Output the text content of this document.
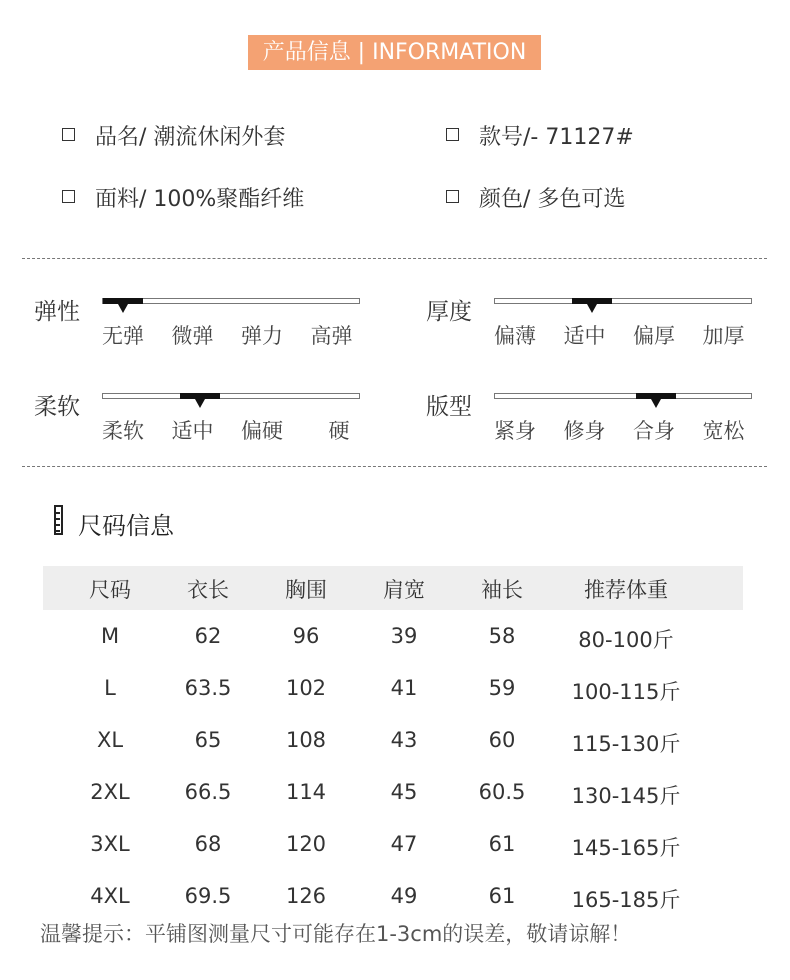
产品信息 | INFORMATION
品名/ 潮流休闲外套	款号/- 71127#
面料/ 100%聚酯纤维	颜色/ 多色可选
弹性
无弹 微弹 弹力 高弹
厚度
偏薄 适中 偏厚 加厚
柔软
柔软 适中 偏硬 硬
版型
紧身 修身 合身 宽松
尺码信息
尺码	衣长	胸围	肩宽	袖长	推荐体重
M	62	96	39	58	80-100斤
L	63.5	102	41	59	100-115斤
XL	65	108	43	60	115-130斤
2XL	66.5	114	45	60.5	130-145斤
3XL	68	120	47	61	145-165斤
4XL	69.5	126	49	61	165-185斤
温馨提示：平铺图测量尺寸可能存在1-3cm的误差，敬请谅解！
